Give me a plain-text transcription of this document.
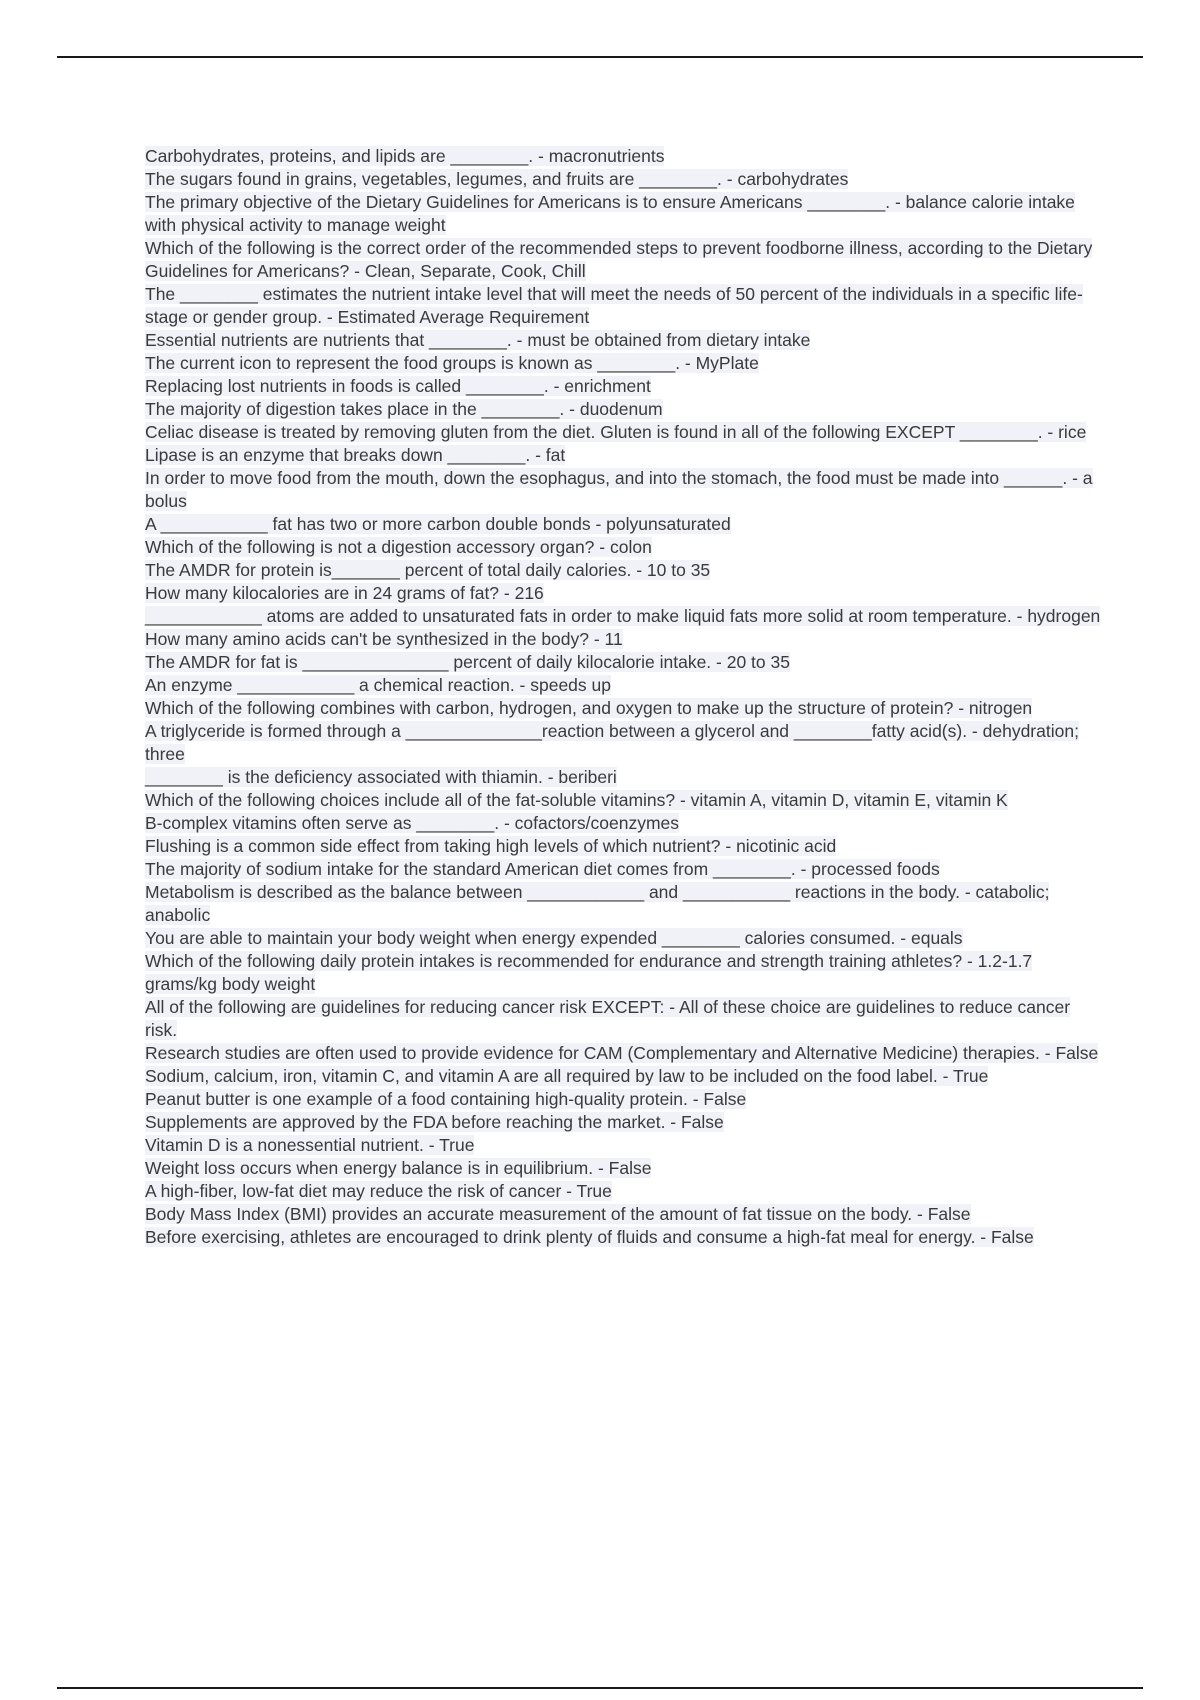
Carbohydrates, proteins, and lipids are ________. - macronutrients

The sugars found in grains, vegetables, legumes, and fruits are ________. - carbohydrates

The primary objective of the Dietary Guidelines for Americans is to ensure Americans ________. - balance calorie intake with physical activity to manage weight

Which of the following is the correct order of the recommended steps to prevent foodborne illness, according to the Dietary Guidelines for Americans? - Clean, Separate, Cook, Chill

The ________ estimates the nutrient intake level that will meet the needs of 50 percent of the individuals in a specific life-stage or gender group. - Estimated Average Requirement

Essential nutrients are nutrients that ________. - must be obtained from dietary intake

The current icon to represent the food groups is known as ________. - MyPlate

Replacing lost nutrients in foods is called ________. - enrichment

The majority of digestion takes place in the ________. - duodenum

Celiac disease is treated by removing gluten from the diet. Gluten is found in all of the following EXCEPT ________. - rice

Lipase is an enzyme that breaks down ________. - fat

In order to move food from the mouth, down the esophagus, and into the stomach, the food must be made into ______. - a bolus

A ___________ fat has two or more carbon double bonds - polyunsaturated

Which of the following is not a digestion accessory organ? - colon

The AMDR for protein is_______ percent of total daily calories. - 10 to 35

How many kilocalories are in 24 grams of fat? - 216

____________ atoms are added to unsaturated fats in order to make liquid fats more solid at room temperature. - hydrogen

How many amino acids can't be synthesized in the body? - 11

The AMDR for fat is _______________ percent of daily kilocalorie intake. - 20 to 35

An enzyme ____________ a chemical reaction. - speeds up

Which of the following combines with carbon, hydrogen, and oxygen to make up the structure of protein? - nitrogen

A triglyceride is formed through a ______________reaction between a glycerol and ________fatty acid(s). - dehydration; three

________ is the deficiency associated with thiamin. - beriberi

Which of the following choices include all of the fat-soluble vitamins? - vitamin A, vitamin D, vitamin E, vitamin K

B-complex vitamins often serve as ________. - cofactors/coenzymes

Flushing is a common side effect from taking high levels of which nutrient? - nicotinic acid

The majority of sodium intake for the standard American diet comes from ________. - processed foods

Metabolism is described as the balance between ____________ and ___________ reactions in the body. - catabolic; anabolic

You are able to maintain your body weight when energy expended ________ calories consumed. - equals

Which of the following daily protein intakes is recommended for endurance and strength training athletes? - 1.2-1.7 grams/kg body weight

All of the following are guidelines for reducing cancer risk EXCEPT: - All of these choice are guidelines to reduce cancer risk.

Research studies are often used to provide evidence for CAM (Complementary and Alternative Medicine) therapies. - False

Sodium, calcium, iron, vitamin C, and vitamin A are all required by law to be included on the food label. - True

Peanut butter is one example of a food containing high-quality protein. - False

Supplements are approved by the FDA before reaching the market. - False

Vitamin D is a nonessential nutrient. - True

Weight loss occurs when energy balance is in equilibrium. - False

A high-fiber, low-fat diet may reduce the risk of cancer - True

Body Mass Index (BMI) provides an accurate measurement of the amount of fat tissue on the body. - False

Before exercising, athletes are encouraged to drink plenty of fluids and consume a high-fat meal for energy. - False
